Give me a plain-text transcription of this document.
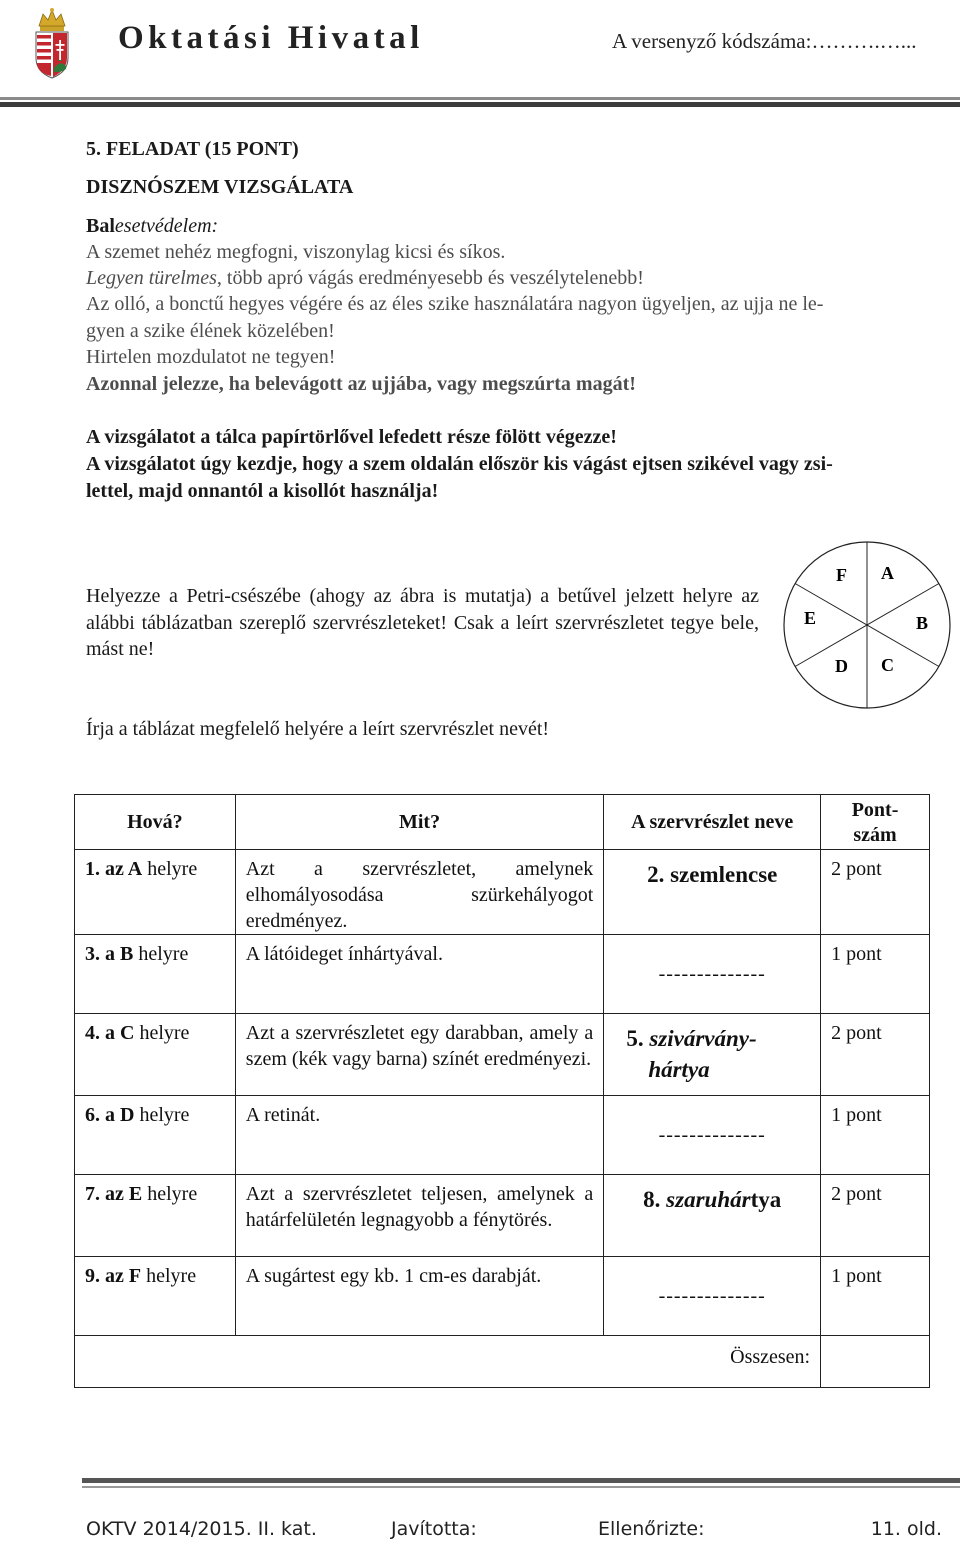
Oktatási Hivatal	A versenyző kódszáma:……….…...
5. FELADAT (15 PONT)
DISZNÓSZEM VIZSGÁLATA
Balesetvédelem:
A szemet nehéz megfogni, viszonylag kicsi és síkos.
Legyen türelmes, több apró vágás eredményesebb és veszélytelenebb!
Az olló, a bonctű hegyes végére és az éles szike használatára nagyon ügyeljen, az ujja ne le-
gyen a szike élének közelében!
Hirtelen mozdulatot ne tegyen!
Azonnal jelezze, ha belevágott az ujjába, vagy megszúrta magát!
A vizsgálatot a tálca papírtörlővel lefedett része fölött végezze!
A vizsgálatot úgy kezdje, hogy a szem oldalán először kis vágást ejtsen szikével vagy zsi-
lettel, majd onnantól a kisollót használja!
Helyezze a Petri-csészébe (ahogy az ábra is mutatja) a betűvel jelzett helyre az alábbi táblázatban szereplő szervrészleteket! Csak a leírt szervrészletet tegye bele, mást ne!
Írja a táblázat megfelelő helyére a leírt szervrészlet nevét!
F A
E	B
D C
Hová?	Mit?	A szervrészlet neve	Pont-
szám
1. az A helyre	Azt a szervrészletet, amelynek elhomályosodása szürkehályogot eredményez.	2. szemlencse	2 pont
3. a B helyre	A látóideget ínhártyával.	--------------	1 pont
4. a C helyre	Azt a szervrészletet egy darabban, amely a szem (kék vagy barna) színét eredményezi.	5. szivárvány-
hártya	2 pont
6. a D helyre	A retinát.	--------------	1 pont
7. az E helyre	Azt a szervrészletet teljesen, amelynek a határfelületén legnagyobb a fénytörés.	8. szaruhártya	2 pont
9. az F helyre	A sugártest egy kb. 1 cm-es darabját.	--------------	1 pont
Összesen:			
OKTV 2014/2015. II. kat.	Javította:	Ellenőrizte:	11. old.
